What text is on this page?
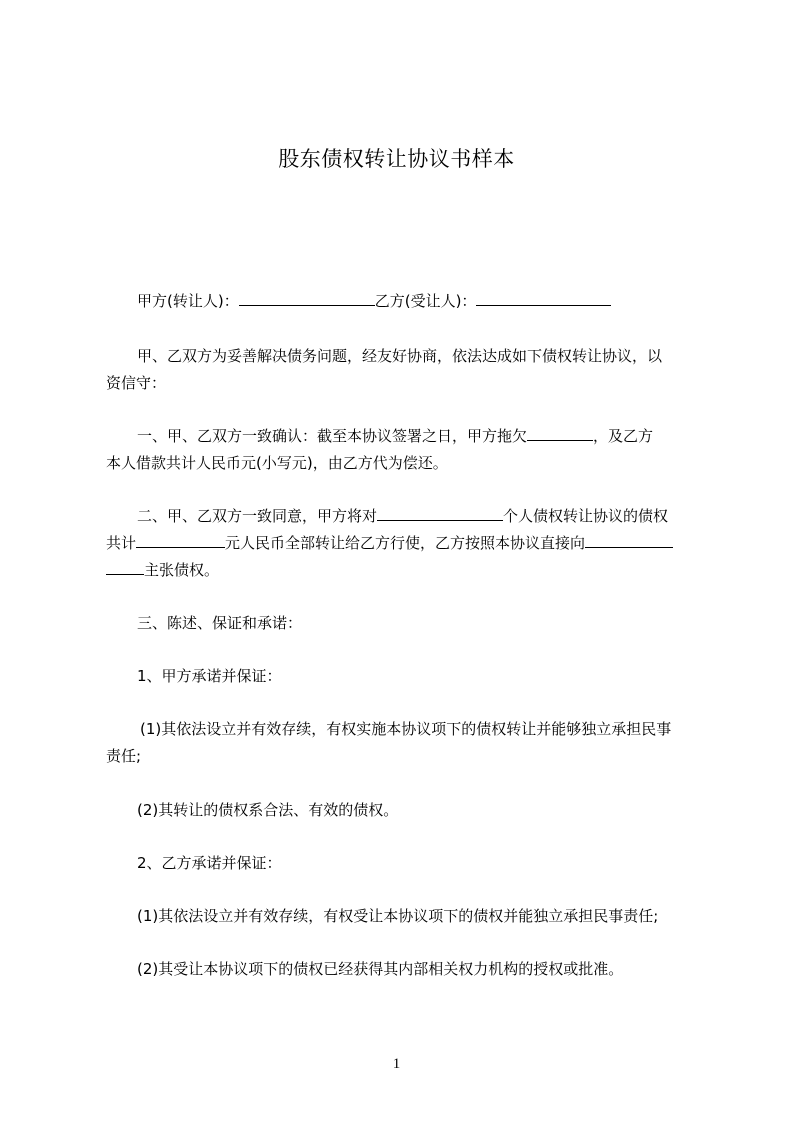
股东债权转让协议书样本
甲方(转让人)：	乙方(受让人)：
甲、乙双方为妥善解决债务问题，经友好协商，依法达成如下债权转让协议，以
资信守：
一、甲、乙双方一致确认：截至本协议签署之日，甲方拖欠	，及乙方
本人借款共计人民币元(小写元)，由乙方代为偿还。
二、甲、乙双方一致同意，甲方将对	个人债权转让协议的债权
共计	元人民币全部转让给乙方行使，乙方按照本协议直接向
主张债权。
三、陈述、保证和承诺：
1、甲方承诺并保证：
(1)其依法设立并有效存续，有权实施本协议项下的债权转让并能够独立承担民事
责任;
(2)其转让的债权系合法、有效的债权。
2、乙方承诺并保证：
(1)其依法设立并有效存续，有权受让本协议项下的债权并能独立承担民事责任;
(2)其受让本协议项下的债权已经获得其内部相关权力机构的授权或批准。
1
